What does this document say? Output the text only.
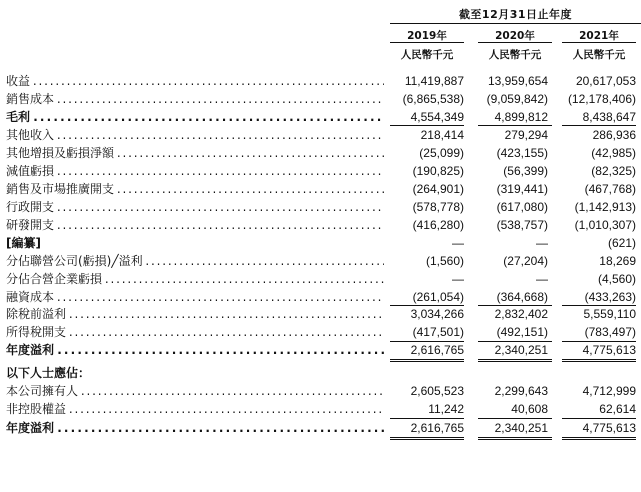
截至12月31日止年度
2019年	2020年	2021年
人民幣千元	人民幣千元	人民幣千元
收益 . . .	11,419,887	13,959,654	20,617,053
銷售成本 . . .	(6,865,538)	(9,059,842)	(12,178,406)
毛利 . . .	4,554,349	4,899,812	8,438,647
其他收入 . . .	218,414	279,294	286,936
其他增損及虧損淨額 . . .	(25,099)	(423,155)	(42,985)
減值虧損 . . .	(190,825)	(56,399)	(82,325)
銷售及市場推廣開支 . . .	(264,901)	(319,441)	(467,768)
行政開支 . . .	(578,778)	(617,080)	(1,142,913)
研發開支 . . .	(416,280)	(538,757)	(1,010,307)
[編纂]	—	—	(621)
分佔聯營公司(虧損)╱溢利 . . .	(1,560)	(27,204)	18,269
分佔合營企業虧損 . . .	—	—	(4,560)
融資成本 . . .	(261,054)	(364,668)	(433,263)
除稅前溢利 . . .	3,034,266	2,832,402	5,559,110
所得稅開支 . . .	(417,501)	(492,151)	(783,497)
年度溢利 . . .	2,616,765	2,340,251	4,775,613
以下人士應佔：
本公司擁有人 . . .	2,605,523	2,299,643	4,712,999
非控股權益 . . .	11,242	40,608	62,614
年度溢利 . . .	2,616,765	2,340,251	4,775,613
